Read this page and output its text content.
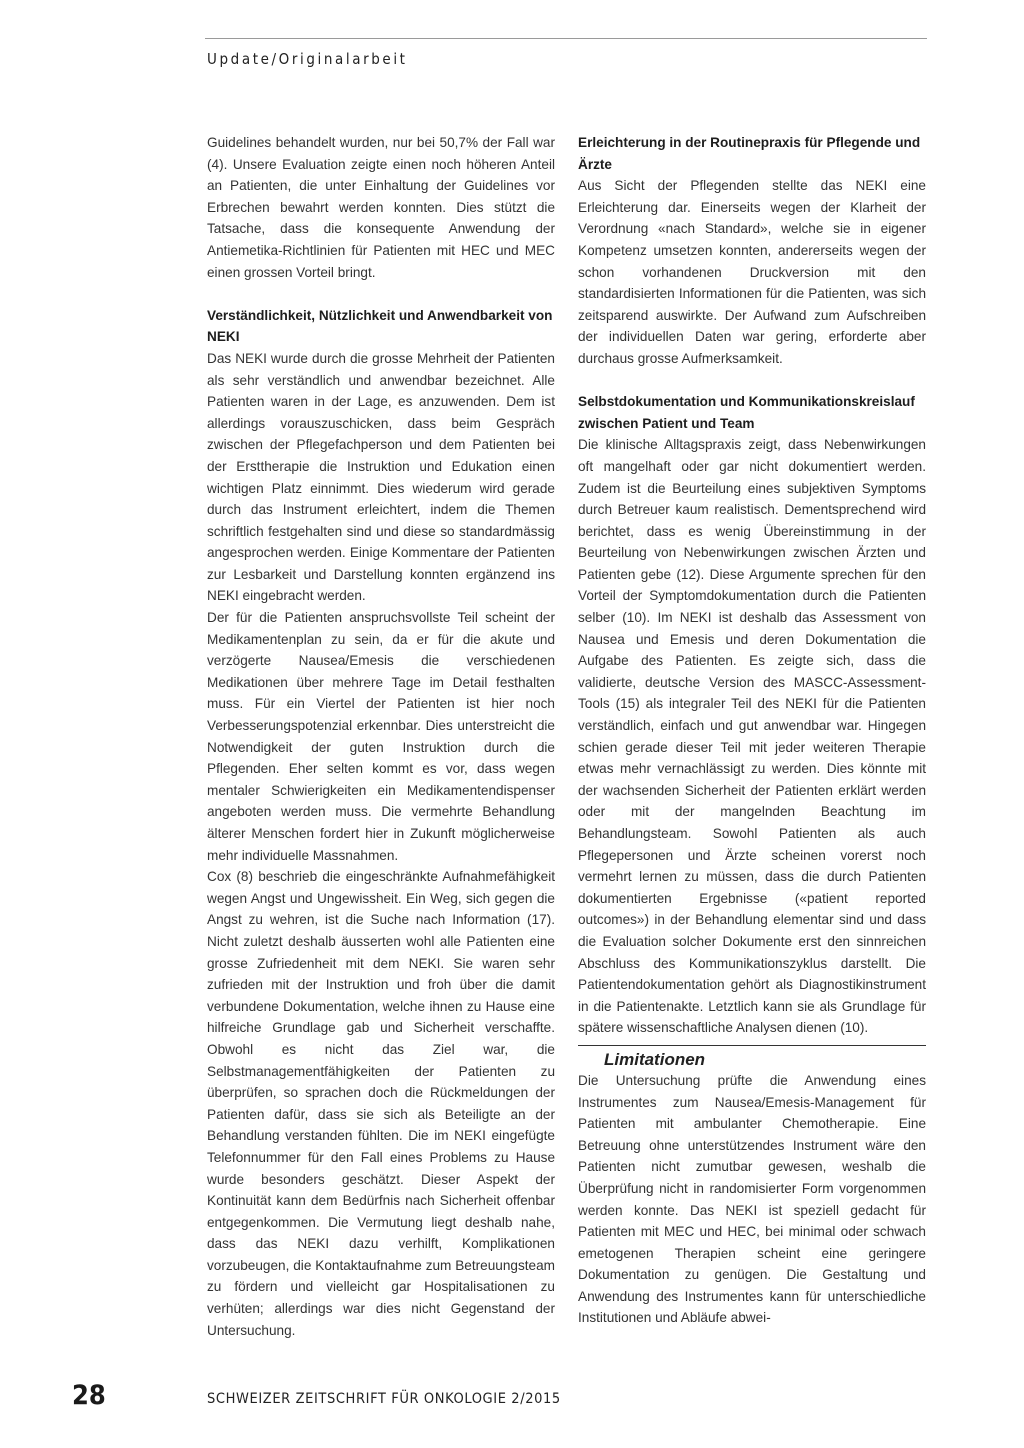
Update/Originalarbeit

Guidelines behandelt wurden, nur bei 50,7% der Fall war (4). Unsere Evaluation zeigte einen noch höheren Anteil an Patienten, die unter Einhaltung der Guidelines vor Erbrechen bewahrt werden konnten. Dies stützt die Tatsache, dass die konsequente Anwendung der Antiemetika-Richtlinien für Patienten mit HEC und MEC einen grossen Vorteil bringt.

Verständlichkeit, Nützlichkeit und Anwendbarkeit von NEKI

Das NEKI wurde durch die grosse Mehrheit der Patienten als sehr verständlich und anwendbar bezeichnet. Alle Patienten waren in der Lage, es anzuwenden. Dem ist allerdings vorauszuschicken, dass beim Gespräch zwischen der Pflegefachperson und dem Patienten bei der Ersttherapie die Instruktion und Edukation einen wichtigen Platz einnimmt. Dies wiederum wird gerade durch das Instrument erleichtert, indem die Themen schriftlich festgehalten sind und diese so standardmässig angesprochen werden. Einige Kommentare der Patienten zur Lesbarkeit und Darstellung konnten ergänzend ins NEKI eingebracht werden.

Der für die Patienten anspruchsvollste Teil scheint der Medikamentenplan zu sein, da er für die akute und verzögerte Nausea/Emesis die verschiedenen Medikationen über mehrere Tage im Detail festhalten muss. Für ein Viertel der Patienten ist hier noch Verbesserungspotenzial erkennbar. Dies unterstreicht die Notwendigkeit der guten Instruktion durch die Pflegenden. Eher selten kommt es vor, dass wegen mentaler Schwierigkeiten ein Medikamentendispenser angeboten werden muss. Die vermehrte Behandlung älterer Menschen fordert hier in Zukunft möglicherweise mehr individuelle Massnahmen.

Cox (8) beschrieb die eingeschränkte Aufnahmefähigkeit wegen Angst und Ungewissheit. Ein Weg, sich gegen die Angst zu wehren, ist die Suche nach Information (17). Nicht zuletzt deshalb äusserten wohl alle Patienten eine grosse Zufriedenheit mit dem NEKI. Sie waren sehr zufrieden mit der Instruktion und froh über die damit verbundene Dokumentation, welche ihnen zu Hause eine hilfreiche Grundlage gab und Sicherheit verschaffte. Obwohl es nicht das Ziel war, die Selbstmanagementfähigkeiten der Patienten zu überprüfen, so sprachen doch die Rückmeldungen der Patienten dafür, dass sie sich als Beteiligte an der Behandlung verstanden fühlten. Die im NEKI eingefügte Telefonnummer für den Fall eines Problems zu Hause wurde besonders geschätzt. Dieser Aspekt der Kontinuität kann dem Bedürfnis nach Sicherheit offenbar entgegenkommen. Die Vermutung liegt deshalb nahe, dass das NEKI dazu verhilft, Komplikationen vorzubeugen, die Kontaktaufnahme zum Betreuungsteam zu fördern und vielleicht gar Hospitalisationen zu verhüten; allerdings war dies nicht Gegenstand der Untersuchung.

Erleichterung in der Routinepraxis für Pflegende und Ärzte

Aus Sicht der Pflegenden stellte das NEKI eine Erleichterung dar. Einerseits wegen der Klarheit der Verordnung «nach Standard», welche sie in eigener Kompetenz umsetzen konnten, andererseits wegen der schon vorhandenen Druckversion mit den standardisierten Informationen für die Patienten, was sich zeitsparend auswirkte. Der Aufwand zum Aufschreiben der individuellen Daten war gering, erforderte aber durchaus grosse Aufmerksamkeit.

Selbstdokumentation und Kommunikationskreislauf zwischen Patient und Team

Die klinische Alltagspraxis zeigt, dass Nebenwirkungen oft mangelhaft oder gar nicht dokumentiert werden. Zudem ist die Beurteilung eines subjektiven Symptoms durch Betreuer kaum realistisch. Dementsprechend wird berichtet, dass es wenig Übereinstimmung in der Beurteilung von Nebenwirkungen zwischen Ärzten und Patienten gebe (12). Diese Argumente sprechen für den Vorteil der Symptomdokumentation durch die Patienten selber (10). Im NEKI ist deshalb das Assessment von Nausea und Emesis und deren Dokumentation die Aufgabe des Patienten. Es zeigte sich, dass die validierte, deutsche Version des MASCC-Assessment-Tools (15) als integraler Teil des NEKI für die Patienten verständlich, einfach und gut anwendbar war. Hingegen schien gerade dieser Teil mit jeder weiteren Therapie etwas mehr vernachlässigt zu werden. Dies könnte mit der wachsenden Sicherheit der Patienten erklärt werden oder mit der mangelnden Beachtung im Behandlungsteam. Sowohl Patienten als auch Pflegepersonen und Ärzte scheinen vorerst noch vermehrt lernen zu müssen, dass die durch Patienten dokumentierten Ergebnisse («patient reported outcomes») in der Behandlung elementar sind und dass die Evaluation solcher Dokumente erst den sinnreichen Abschluss des Kommunikationszyklus darstellt. Die Patientendokumentation gehört als Diagnostikinstrument in die Patientenakte. Letztlich kann sie als Grundlage für spätere wissenschaftliche Analysen dienen (10).

Limitationen

Die Untersuchung prüfte die Anwendung eines Instrumentes zum Nausea/Emesis-Management für Patienten mit ambulanter Chemotherapie. Eine Betreuung ohne unterstützendes Instrument wäre den Patienten nicht zumutbar gewesen, weshalb die Überprüfung nicht in randomisierter Form vorgenommen werden konnte. Das NEKI ist speziell gedacht für Patienten mit MEC und HEC, bei minimal oder schwach emetogenen Therapien scheint eine geringere Dokumentation zu genügen. Die Gestaltung und Anwendung des Instrumentes kann für unterschiedliche Institutionen und Abläufe abwei-

28	SCHWEIZER ZEITSCHRIFT FÜR ONKOLOGIE 2/2015
